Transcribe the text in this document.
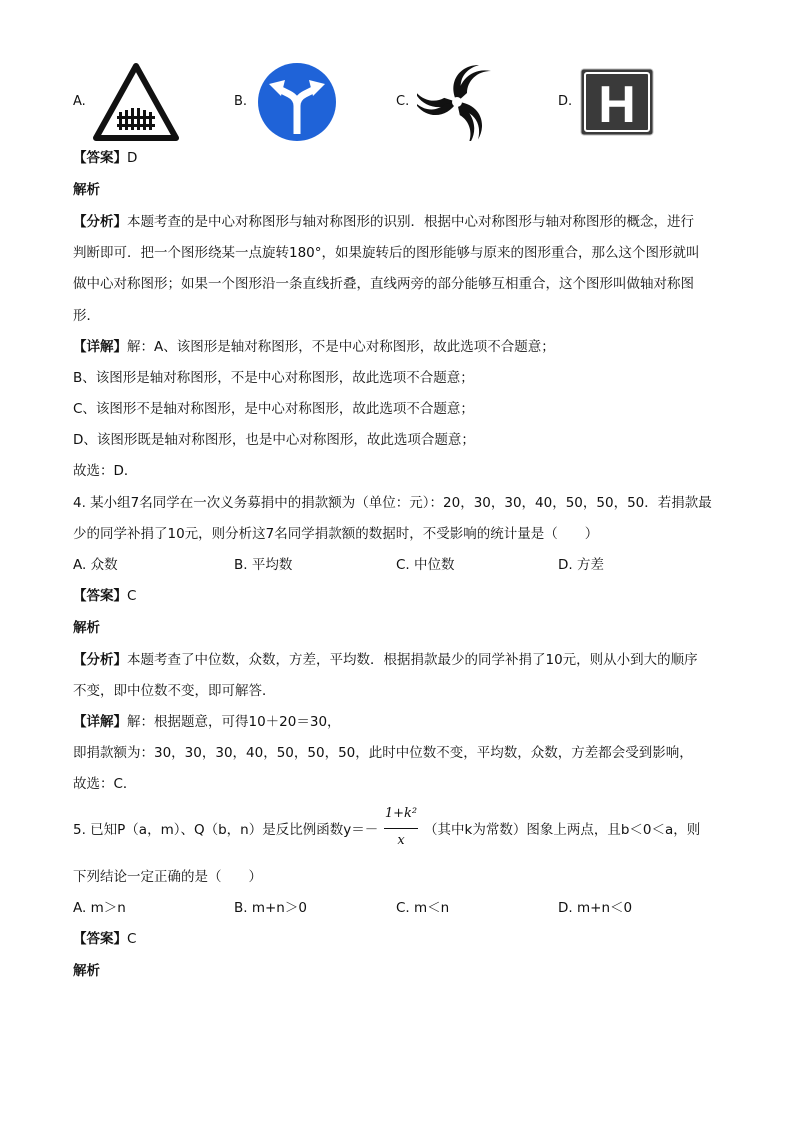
A.	B.	C.	D. H
【答案】D
解析
【分析】本题考查的是中心对称图形与轴对称图形的识别．根据中心对称图形与轴对称图形的概念，进行
判断即可．把一个图形绕某一点旋转180°，如果旋转后的图形能够与原来的图形重合，那么这个图形就叫
做中心对称图形；如果一个图形沿一条直线折叠，直线两旁的部分能够互相重合，这个图形叫做轴对称图
形．
【详解】解：A、该图形是轴对称图形，不是中心对称图形，故此选项不合题意；
B、该图形是轴对称图形，不是中心对称图形，故此选项不合题意；
C、该图形不是轴对称图形，是中心对称图形，故此选项不合题意；
D、该图形既是轴对称图形，也是中心对称图形，故此选项合题意；
故选：D．
4. 某小组7名同学在一次义务募捐中的捐款额为（单位：元）：20，30，30，40，50，50，50．若捐款最
少的同学补捐了10元，则分析这7名同学捐款额的数据时，不受影响的统计量是（　　）
A. 众数	B. 平均数	C. 中位数	D. 方差
【答案】C
解析
【分析】本题考查了中位数，众数，方差，平均数．根据捐款最少的同学补捐了10元，则从小到大的顺序
不变，即中位数不变，即可解答．
【详解】解：根据题意，可得10＋20＝30，
即捐款额为：30，30，30，40，50，50，50，此时中位数不变，平均数，众数，方差都会受到影响，
故选：C．
5. 已知P（a，m）、Q（b，n）是反比例函数y＝－
1+k²
x
（其中k为常数）图象上两点，且b＜0＜a，则
下列结论一定正确的是（　　）
A. m＞n	B. m+n＞0	C. m＜n	D. m+n＜0
【答案】C
解析
